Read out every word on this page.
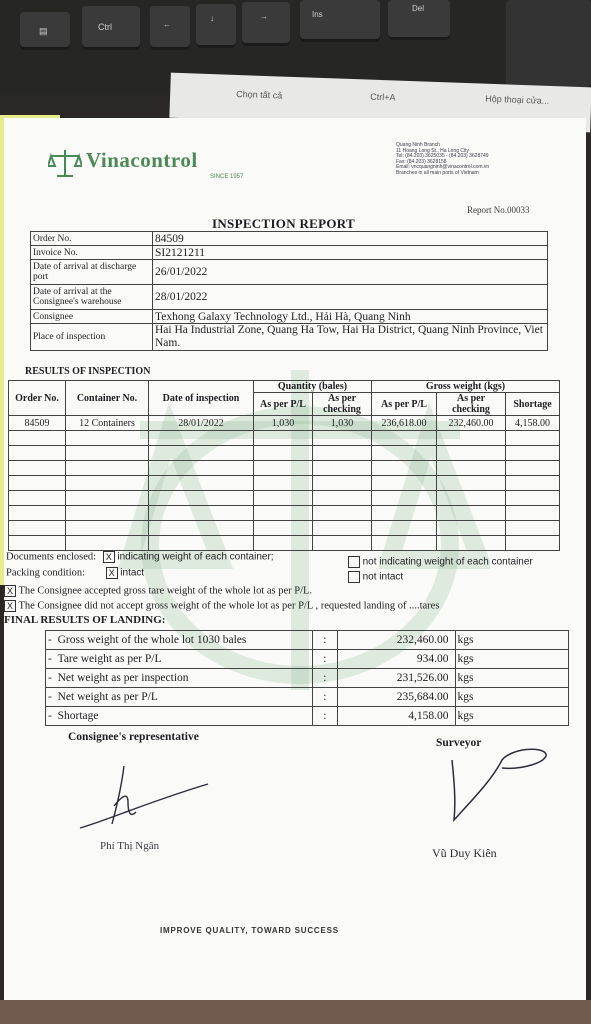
▤	Ctrl	←
↓	→	Ins
Del
Chọn tất cả	Ctrl+A	Hộp thoại cửa...
Vinacontrol
SINCE 1957
Quang Ninh Branch
11 Hoang Long St., Ha Long City
Tel: (84.203) 3625035 - (84.203) 3628749
Fax: (84.203) 3628158
Email: vncquangninh@vinacontrol.com.vn
Branches in all main ports of Vietnam
Report No.00033
INSPECTION REPORT
Order No.	84509
Invoice No.	SI2121211
Date of arrival at discharge port	26/01/2022
Date of arrival at the Consignee's warehouse	28/01/2022
Consignee	Texhong Galaxy Technology Ltd., Hải Hà, Quang Ninh
Place of inspection	Hai Ha Industrial Zone, Quang Ha Tow, Hai Ha District, Quang Ninh Province, Viet Nam.
RESULTS OF INSPECTION
Order No.	Container No.	Date of inspection	Quantity (bales)		Gross weight (kgs)		
			As per P/L	As per checking	As per P/L	As per checking	Shortage
84509	12 Containers	28/01/2022	1,030	1,030	236,618.00	232,460.00	4,158.00

Documents enclosed: X indicating weight of each container;	not indicating weight of each container
Packing condition:	X intact	not intact
X The Consignee accepted gross tare weight of the whole lot as per P/L.
X The Consignee did not accept gross weight of the whole lot as per P/L , requested landing of ....tares
FINAL RESULTS OF LANDING:
-  Gross weight of the whole lot 1030 bales	:	232,460.00	kgs
-  Tare weight as per P/L	:	934.00	kgs
-  Net weight as per inspection	:	231,526.00	kgs
-  Net weight as per P/L	:	235,684.00	kgs
-  Shortage	:	4,158.00	kgs
Consignee's representative	Surveyor
Phí Thị Ngân	Vũ Duy Kiên
IMPROVE QUALITY, TOWARD SUCCESS
